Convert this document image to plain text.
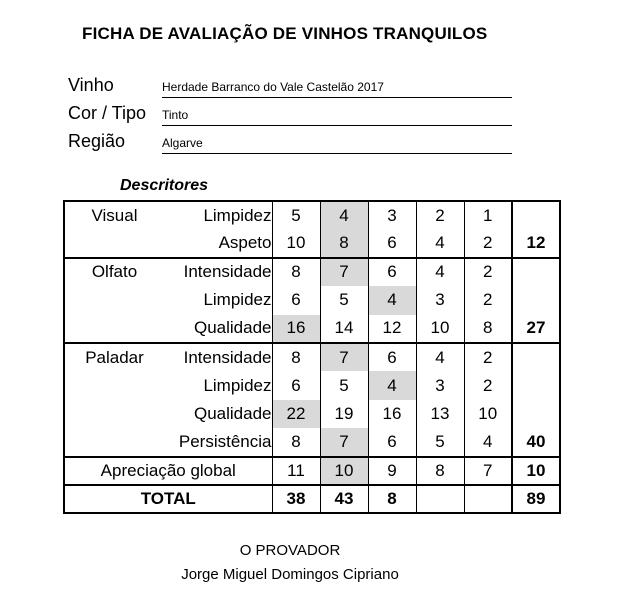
FICHA DE AVALIAÇÃO DE VINHOS TRANQUILOS
Vinho	Herdade Barranco do Vale Castelão 2017
Cor / Tipo Tinto
Região	Algarve
Descritores
Visual	Limpidez	5	4	3	2	1	
	Aspeto	10	8	6	4	2	12
Olfato	Intensidade	8	7	6	4	2	
	Limpidez	6	5	4	3	2	
	Qualidade	16	14	12	10	8	27
Paladar	Intensidade	8	7	6	4	2	
	Limpidez	6	5	4	3	2	
	Qualidade	22	19	16	13	10	
	Persistência	8	7	6	5	4	40
Apreciação global		11	10	9	8	7	10
TOTAL		38	43	8			89
O PROVADOR
Jorge Miguel Domingos Cipriano
